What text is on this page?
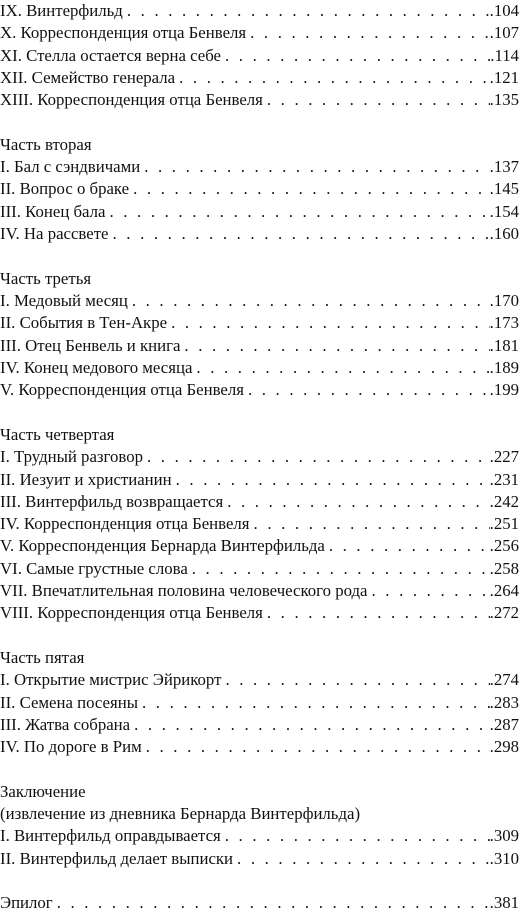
IX. Винтерфильд . . .	.104
X. Корреспонденция отца Бенвеля . . .	.107
XI. Стелла остается верна себе . . .	.114
XII. Семейство генерала . . .	.121
XIII. Корреспонденция отца Бенвеля . . .	.135
Часть вторая
I. Бал с сэндвичами . . .	.137
II. Вопрос о браке . . .	.145
III. Конец бала . . .	.154
IV. На рассвете . . .	.160
Часть третья
I. Медовый месяц . . .	.170
II. События в Тен-Акре . . .	.173
III. Отец Бенвель и книга . . .	.181
IV. Конец медового месяца . . .	.189
V. Корреспонденция отца Бенвеля . . .	.199
Часть четвертая
I. Трудный разговор . . .	.227
II. Иезуит и христианин . . .	.231
III. Винтерфильд возвращается . . .	.242
IV. Корреспонденция отца Бенвеля . . .	.251
V. Корреспонденция Бернарда Винтерфильда . . .	.256
VI. Самые грустные слова . . .	.258
VII. Впечатлительная половина человеческого рода . . .	.264
VIII. Корреспонденция отца Бенвеля . . .	.272
Часть пятая
I. Открытие мистрис Эйрикорт . . .	.274
II. Семена посеяны . . .	.283
III. Жатва собрана . . .	.287
IV. По дороге в Рим . . .	.298
Заключение
(извлечение из дневника Бернарда Винтерфильда)
I. Винтерфильд оправдывается . . .	.309
II. Винтерфильд делает выписки . . .	.310
Эпилог . . .	.381
